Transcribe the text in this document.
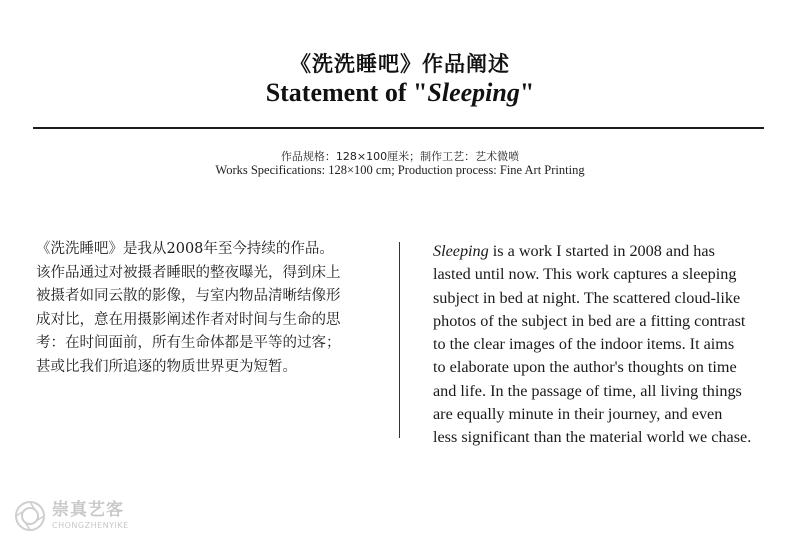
《洗洗睡吧》作品阐述
Statement of "Sleeping"
作品规格：128×100厘米；制作工艺：艺术微喷
Works Specifications: 128×100 cm; Production process: Fine Art Printing

《洗洗睡吧》是我从2008年至今持续的作品。

该作品通过对被摄者睡眠的整夜曝光，得到床上

被摄者如同云散的影像，与室内物品清晰结像形

成对比，意在用摄影阐述作者对时间与生命的思

考：在时间面前，所有生命体都是平等的过客；

甚或比我们所追逐的物质世界更为短暂。

Sleeping is a work I started in 2008 and has

lasted until now. This work captures a sleeping

subject in bed at night. The scattered cloud-like

photos of the subject in bed are a fitting contrast

to the clear images of the indoor items. It aims

to elaborate upon the author's thoughts on time

and life. In the passage of time, all living things

are equally minute in their journey, and even

less significant than the material world we chase.

崇真艺客
CHONGZHENYIKE
